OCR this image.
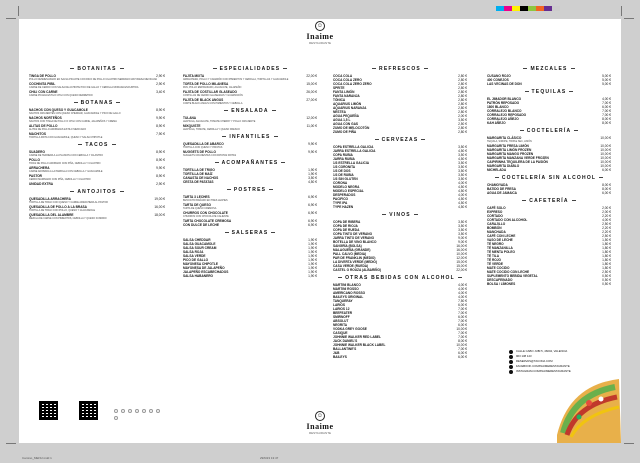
☺
Inaime
RESTAURANTE
☺
Inaime
RESTAURANTE
BOTANITAS
TINGA DE POLLO	2,90 €
POLLO DESMENUZADO EN SALSA PICANTE CON RICO DE POLLO CILANTRO SERRANO MAYONESA MEXICANA
COCHINITA PIBIL	2,90 €
CARNE DE CERDO CON SALSA DE ACHIOTE PICO DE GALLO Y CEBOLLA MORADA ENCURTIDA
CHILI CON CARNE	3,40 €
CARNE PICADA ESTILO CHILI CON QUESO DERRETIDO
BOTANAS
NACHOS CON QUESO Y GUACAMOLE	8,90 €
NACHOS CRUJIENTES CON QUESO CHEDDAR, GUACAMOLE Y PICO DE GALLO
NACHOS NORTEÑOS	9,90 €
NACHOS CON TINGA DE POLLO O CHILI CON CARNE, JALAPEÑOS Y CREMA
ALITAS DE POLLO	8,90 €
ALITAS DE POLLO ADOBADAS ESTILO MEXICANO
MACHITOS	7,90 €
TORTILLA FRITA CON GUACAMOLE, QUESO Y SALSA CHIPOTLE
TACOS
SUADERO	8,90 €
CARNE DE TERNERA A LA PLANCHA CON CEBOLLA Y CILANTRO
POLLO	8,90 €
TIRAS DE POLLO ADOBADO CON PIÑA, CEBOLLA Y CILANTRO
ARRACHERA	9,90 €
CARNE ADOBADA A LA PARRILLA CON CEBOLLA Y GUACAMOLE
PASTOR	8,90 €
CERDO MARINADO CON PIÑA, CEBOLLA Y CILANTRO
UNIDAD EXTRA	2,90 €
ANTOJITOS
QUESADILLA ARRACHERA	19,00 €
TORTILLA DE TRIGO CON QUESO Y CARNE ARRACHERA AL PASTOR
QUESADILLA DE POLLO A LA BRASA	16,00 €
TORTILLA DE TRIGO CON POLLO, QUESO Y GUACAMOLE
QUESADILLA DEL ALAMBRE	18,00 €
MEZCLA DE CARNE CON PIMIENTOS, CEBOLLA Y QUESO FUNDIDO
ESPECIALIDADES
FAJITA MIXTA	22,00 €
ARRACHERA, POLLO Y CAMARÓN CON PIMIENTOS Y CEBOLLA, TORTILLAS Y GUACAMOLE
TORTA DE POLLO MILANESA	15,00 €
PAN, POLLO EMPANIZADO, AGUACATE, JALAPEÑO
FAJITA DE COSTILLAR GLASEADO	26,00 €
COSTILLAS DE CERDO GLASEADAS Y GUARNICIÓN
FAJITA DE BLACK ANGUS	27,00 €
CORTE BLACK ANGUS CON PIMIENTOS Y CEBOLLA
ENSALADA
TULANA	12,00 €
LECHUGA, AGUACATE, TOMATE CHERRY Y POLLO CRUJIENTE
MIXQUISTE	11,00 €
LECHUGA, TOMATE, CEBOLLA Y QUESO FRESCO
INFANTILES
QUESADILLA DE ABARCO	9,90 €
TORTILLA CON QUESO Y PATATAS
NUGGETS DE POLLO	9,90 €
NUGGETS CRUJIENTES CON PATATAS FRITAS
ACOMPAÑANTES
TORTILLA DE TRIGO	1,90 €
TORTILLA DE MAÍZ	1,90 €
CANASTA DE NACHOS	3,50 €
CESTA DE PATATAS	4,50 €
POSTRES
TARTA 3 LECHES	6,90 €
BIZCOCHO BAÑADO EN TRES LECHES
TARTA DE QUESO	6,90 €
TARTA DE QUESO CREMOSA
CHURROS CON CHOCOLATE	6,90 €
CHURROS CON CHOCOLATE CALIENTE
TARTA CHOCOLATE CREMOSA	6,90 €
CON DULCE DE LECHE	6,90 €
SALSERAS
SALSA CHEDDAR	1,90 €
SALSA GUACAMOLE	1,90 €
SALSA SOUR CREAM	1,90 €
SALSA ROJA	1,90 €
SALSA VERDE	1,90 €
PICO DE GALLO	1,90 €
MAYONESA CHIPOTLE	1,90 €
MAYONESA DE JALAPEÑO	1,90 €
JALAPEÑO ESCABECHADOS	1,90 €
SALSA HABANERO	1,90 €
REFRESCOS
COCA COLA	2,80 €
COCA COLA ZERO	2,80 €
COCA COLA ZERO ZERO	2,80 €
SPRITE	2,80 €
FANTA LIMÓN	2,80 €
FANTA NARANJA	2,80 €
TÓNICA	2,80 €
AQUARIUS LIMÓN	2,80 €
AQUARIUS NARANJA	2,80 €
NESTEA	2,80 €
AGUA PEQUEÑA	2,00 €
AGUA 1,5 L	3,50 €
AGUA CON GAS	2,50 €
ZUMO DE MELOCOTÓN	2,80 €
ZUMO DE PIÑA	2,80 €
CERVEZAS
COPA ESTRELLA GALICIA	3,50 €
JARRA ESTRELLA GALICIA	4,50 €
COPA RUBIA	3,50 €
JARRA RUBIA	4,50 €
1/3 ESTRELLA GALICIA	3,50 €
1/3 CORONITA	3,50 €
1/3 DE DOS	3,50 €
1/3 DE RUBIA	3,50 €
1/3 SIN GLUTEN	3,50 €
CORONA	4,00 €
MODELO NEGRA	4,50 €
MODELO ESPECIAL	4,50 €
DESPERADOS	4,00 €
PACIFICO	4,50 €
TYPE IPA	4,50 €
TYPE HAZEN	4,50 €
VINOS
COPA DE RIBERA	3,50 €
COPA DE RIOJA	3,50 €
COPA DE RUEDA	3,50 €
COPA TINTO DE VERANO	3,50 €
JARRA TINTO DE VERANO	9,00 €
BOTELLA DE VINO BLANCO	9,00 €
SANGRÍA (BOLSA)	16,00 €
MALAGUEÑA (GRANDE)	16,00 €
PALL CALVO (MEDIA)	10,00 €
PAR DE FRANKLIN (MEDIO)	12,00 €
LA DIVERTA VERDE (MEDIO)	15,00 €
CASA VERDE (RUEDA)	15,00 €
CASTEL O ROUZA (ALBARIÑO)	22,00 €
OTRAS BEBIDAS CON ALCOHOL
MARTINI BLANCO	4,00 €
MARTINI ROSSO	4,00 €
AMERICANO ROSSO	4,00 €
BAILEYS ORIGINAL	4,00 €
TANQUERAY	7,50 €
LARIOS	6,00 €
LARIOS 12	7,00 €
BEEFEATER	7,00 €
SMIRNOFF	6,00 €
ABSOLUT	7,00 €
NEGRITA	6,00 €
VODKA GREY GOOSE	10,00 €
CASIQUE	7,00 €
JOHNNIE WALKER RED LABEL	7,00 €
JACK DANIEL'S	8,00 €
JOHNNIE WALKER BLACK LABEL	10,00 €
BALLANTINE'S	7,00 €
J&B	6,00 €
BAILEYS	6,00 €
MEZCALES
CUSANO ROJO	5,00 €
400 CONEJOS	5,00 €
LAS VECINAS DE DON	5,00 €
TEQUILAS
EL JIMADOR BLANCO	4,00 €
PATRÓN REPOSADO	7,00 €
1800 BLANCO	6,00 €
CORRALEJO BLANCO	7,00 €
CORRALEJO REPOSADO	7,00 €
CORRALEJO AÑEJO	8,00 €
KAH AÑEJO	8,00 €
COCTELERÍA
MARGARITA CLÁSICO	10,00 €
TEQUILA, SIROPE, TRIPLE SEC, LIMÓN
MARGARITA FRESA LIMÓN	10,00 €
MARGARITA LIMÓN FROZEN	10,00 €
MARGARITA MANGO FROZEN	10,00 €
MARGARITA MANZANA VERDE FROZEN	10,00 €
CAIPIRINHA TEQUILERA DE LA PASIÓN	10,00 €
MARGARITA DIABLO	10,00 €
MICHELADA	6,00 €
COCTELERÍA SIN ALCOHOL
CHAMOYADA	8,00 €
BATIDO DE FRESA	8,00 €
AGUA DE JAMAICA	6,00 €
CAFETERÍA
CAFÉ SOLO	2,00 €
EXPRESO	2,00 €
CORTADO	2,20 €
CORTADO CON ALCOHOL	4,00 €
CARAJILLO	2,50 €
BOMBÓN	2,20 €
MANCHADA	2,20 €
CAFÉ CON LECHE	2,50 €
VASO DE LECHE	1,50 €
TÉ NEGRO	1,80 €
TÉ MANZANILLA	1,80 €
TÉ MENTA POLEO	1,80 €
TÉ TILA	1,80 €
TÉ ROJO	1,80 €
TÉ VERDE	1,80 €
MATE COCIDO	1,80 €
MATE COCIDO CON LECHE	2,50 €
SUPLEMENTO BEBIDA VEGETAL	0,50 €
DESCAFEINADO	0,50 €
BOLSA / LÍMONES	0,50 €
CALLE CABO JUBI 5, 46004, VALENCIA
963 138 123
RESERVAS@TACONA.COM
FACEBOOK.COM/INAIMERESTAURANTE
INSTAGRAM.COM/INAIMERESTAURANTE
Camino_MENU.indd 1	29/6/23 13:47
